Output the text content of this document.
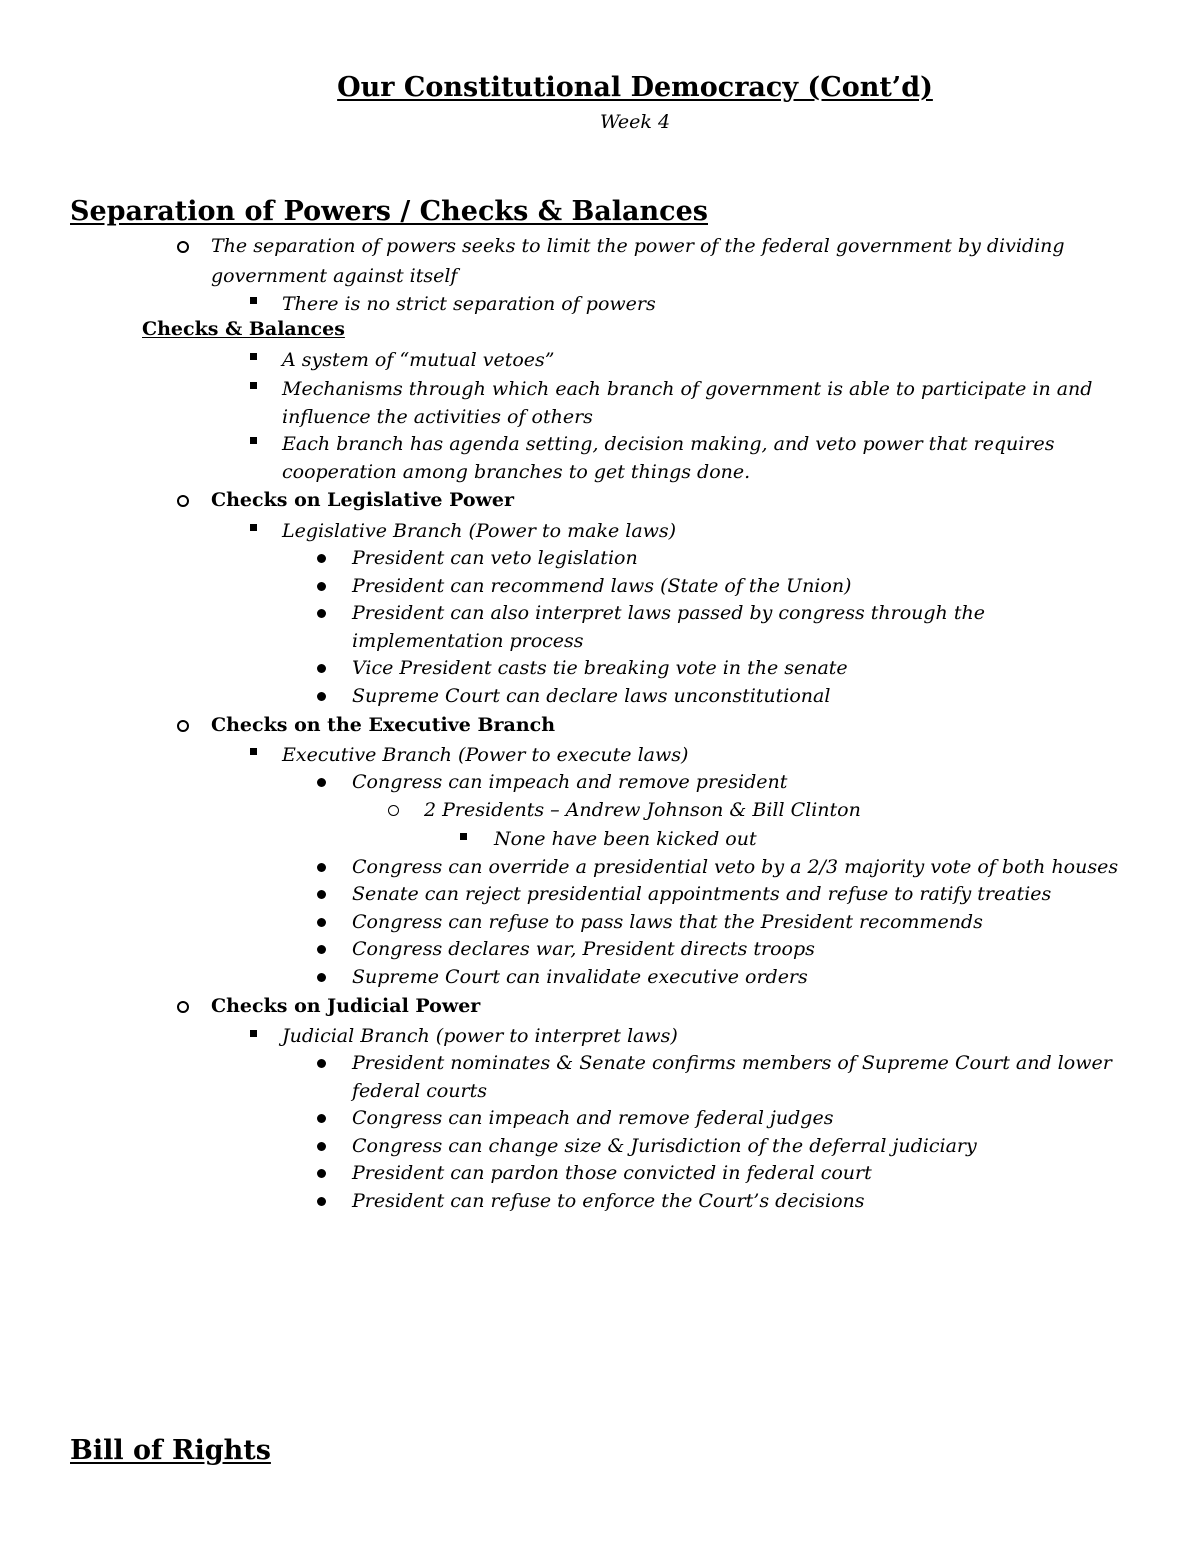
Our Constitutional Democracy (Cont’d)
Week 4
Separation of Powers / Checks & Balances
The separation of powers seeks to limit the power of the federal government by dividing
government against itself
There is no strict separation of powers
Checks & Balances
A system of “mutual vetoes”
Mechanisms through which each branch of government is able to participate in and
influence the activities of others
Each branch has agenda setting, decision making, and veto power that requires
cooperation among branches to get things done.
Checks on Legislative Power
Legislative Branch (Power to make laws)
President can veto legislation
President can recommend laws (State of the Union)
President can also interpret laws passed by congress through the
implementation process
Vice President casts tie breaking vote in the senate
Supreme Court can declare laws unconstitutional
Checks on the Executive Branch
Executive Branch (Power to execute laws)
Congress can impeach and remove president
2 Presidents – Andrew Johnson & Bill Clinton
None have been kicked out
Congress can override a presidential veto by a 2/3 majority vote of both houses
Senate can reject presidential appointments and refuse to ratify treaties
Congress can refuse to pass laws that the President recommends
Congress declares war, President directs troops
Supreme Court can invalidate executive orders
Checks on Judicial Power
Judicial Branch (power to interpret laws)
President nominates & Senate confirms members of Supreme Court and lower
federal courts
Congress can impeach and remove federal judges
Congress can change size & Jurisdiction of the deferral judiciary
President can pardon those convicted in federal court
President can refuse to enforce the Court’s decisions
Bill of Rights
